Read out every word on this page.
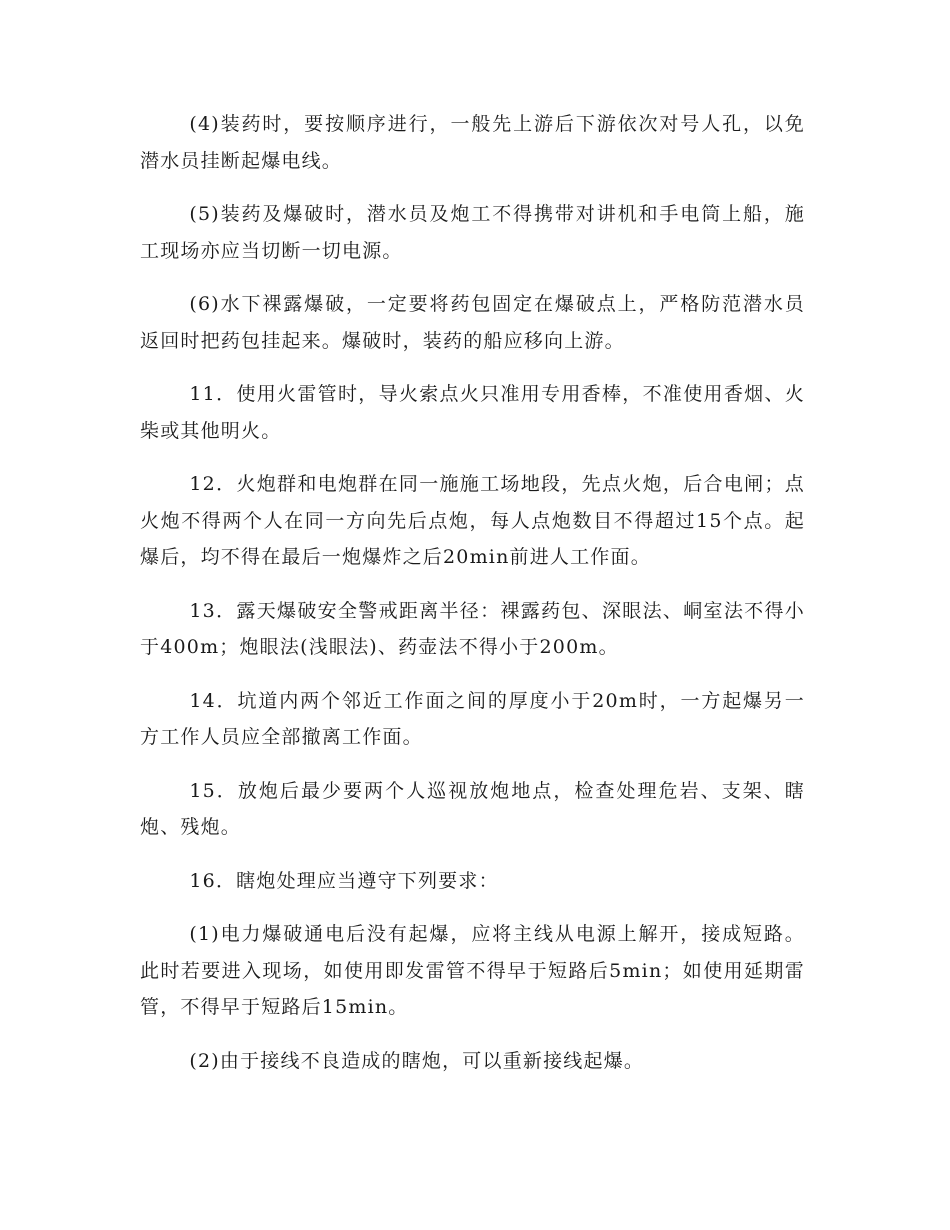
(4)装药时，要按顺序进行，一般先上游后下游依次对号人孔，以免潜水员挂断起爆电线。

(5)装药及爆破时，潜水员及炮工不得携带对讲机和手电筒上船，施工现场亦应当切断一切电源。

(6)水下裸露爆破，一定要将药包固定在爆破点上，严格防范潜水员返回时把药包挂起来。爆破时，装药的船应移向上游。

11．使用火雷管时，导火索点火只准用专用香棒，不准使用香烟、火柴或其他明火。

12．火炮群和电炮群在同一施施工场地段，先点火炮，后合电闸；点火炮不得两个人在同一方向先后点炮，每人点炮数目不得超过15个点。起爆后，均不得在最后一炮爆炸之后20min前进人工作面。

13．露天爆破安全警戒距离半径：裸露药包、深眼法、峒室法不得小于400m；炮眼法(浅眼法)、药壶法不得小于200m。

14．坑道内两个邻近工作面之间的厚度小于20m时，一方起爆另一方工作人员应全部撤离工作面。

15．放炮后最少要两个人巡视放炮地点，检查处理危岩、支架、瞎炮、残炮。

16．瞎炮处理应当遵守下列要求：

(1)电力爆破通电后没有起爆，应将主线从电源上解开，接成短路。此时若要进入现场，如使用即发雷管不得早于短路后5min；如使用延期雷管，不得早于短路后15min。

(2)由于接线不良造成的瞎炮，可以重新接线起爆。
